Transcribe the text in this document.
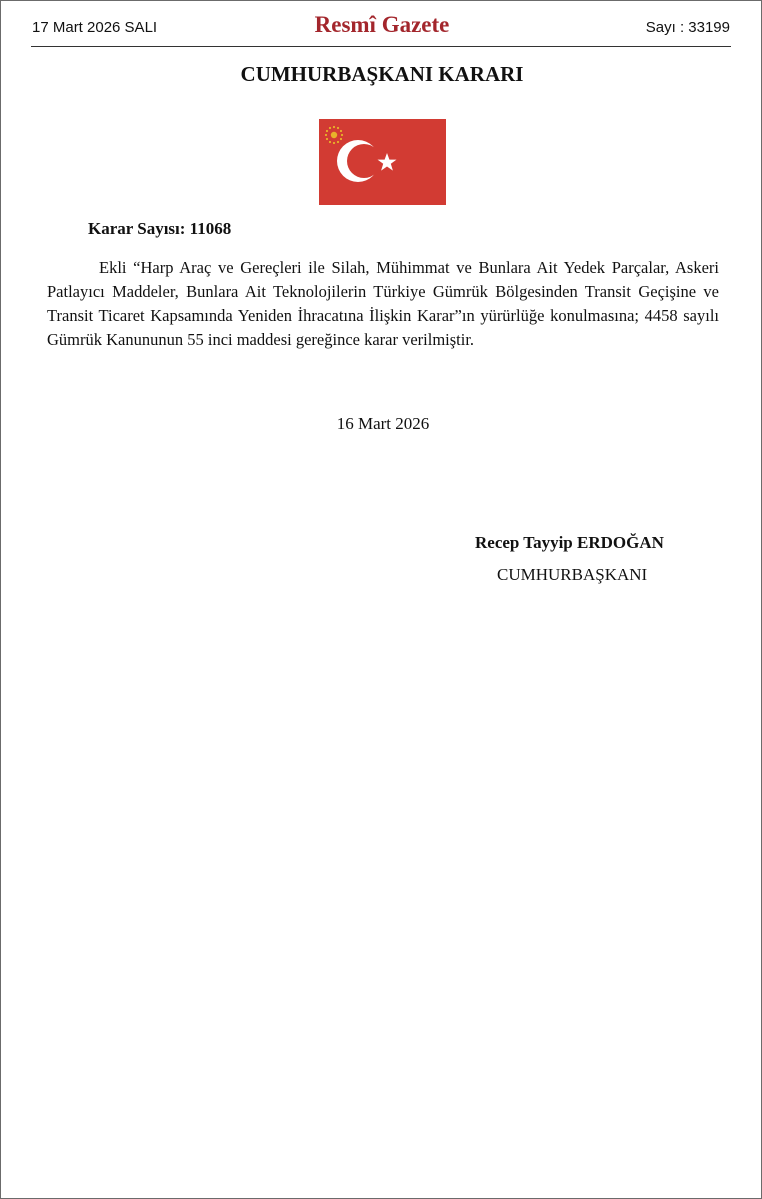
17 Mart 2026 SALI	Resmî Gazete	Sayı : 33199
CUMHURBAŞKANI KARARI
Karar Sayısı: 11068

Ekli “Harp Araç ve Gereçleri ile Silah, Mühimmat ve Bunlara Ait Yedek Parçalar, Askeri Patlayıcı Maddeler, Bunlara Ait Teknolojilerin Türkiye Gümrük Bölgesinden Transit Geçişine ve Transit Ticaret Kapsamında Yeniden İhracatına İlişkin Karar”ın yürürlüğe konulmasına; 4458 sayılı Gümrük Kanununun 55 inci maddesi gereğince karar verilmiştir.

16 Mart 2026
Recep Tayyip ERDOĞAN
CUMHURBAŞKANI
